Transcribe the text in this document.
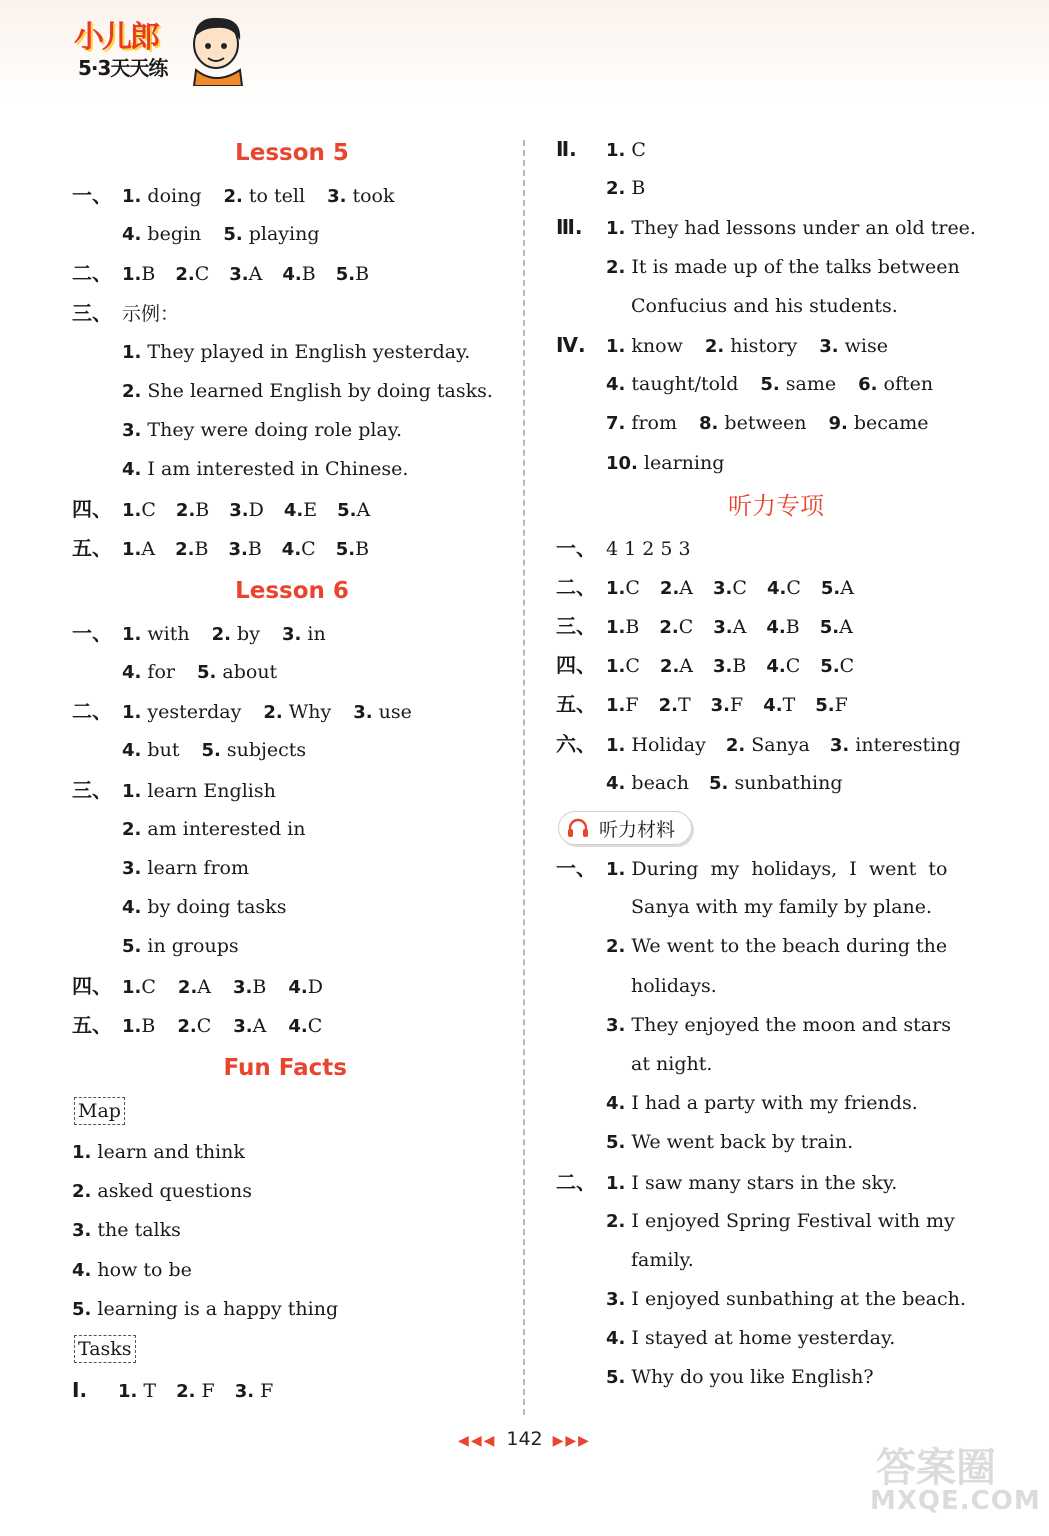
小儿郎
5·3天天练
Lesson 5
一、 1. doing 2. to tell 3. took
4. begin 5. playing
二、 1.B 2.C 3.A 4.B 5.B
三、 示例：
1. They played in English yesterday.
2. She learned English by doing tasks.
3. They were doing role play.
4. I am interested in Chinese.
四、 1.C 2.B 3.D 4.E 5.A
五、 1.A 2.B 3.B 4.C 5.B
Lesson 6
一、 1. with 2. by 3. in
4. for 5. about
二、 1. yesterday 2. Why 3. use
4. but 5. subjects
三、 1. learn English
2. am interested in
3. learn from
4. by doing tasks
5. in groups
四、 1.C 2.A 3.B 4.D
五、 1.B 2.C 3.A 4.C
Fun Facts
Map
1. learn and think
2. asked questions
3. the talks
4. how to be
5. learning is a happy thing
Tasks
Ⅰ. 1. T 2. F 3. F
Ⅱ. 1. C
2. B
Ⅲ. 1. They had lessons under an old tree.
2. It is made up of the talks between
Confucius and his students.
Ⅳ. 1. know 2. history 3. wise
4. taught/told 5. same 6. often
7. from 8. between 9. became
10. learning
听力专项
一、 4 1 2 5 3
二、 1.C 2.A 3.C 4.C 5.A
三、 1.B 2.C 3.A 4.B 5.A
四、 1.C 2.A 3.B 4.C 5.C
五、 1.F 2.T 3.F 4.T 5.F
六、 1. Holiday 2. Sanya 3. interesting
4. beach 5. sunbathing
听力材料
一、 1. During  my  holidays,  I  went  to
Sanya with my family by plane.
2. We went to the beach during the
holidays.
3. They enjoyed the moon and stars
at night.
4. I had a party with my friends.
5. We went back by train.
二、 1. I saw many stars in the sky.
2. I enjoyed Spring Festival with my
family.
3. I enjoyed sunbathing at the beach.
4. I stayed at home yesterday.
5. Why do you like English?
◀◀◀ 142 ▶▶▶
答案圈
MXQE.COM
